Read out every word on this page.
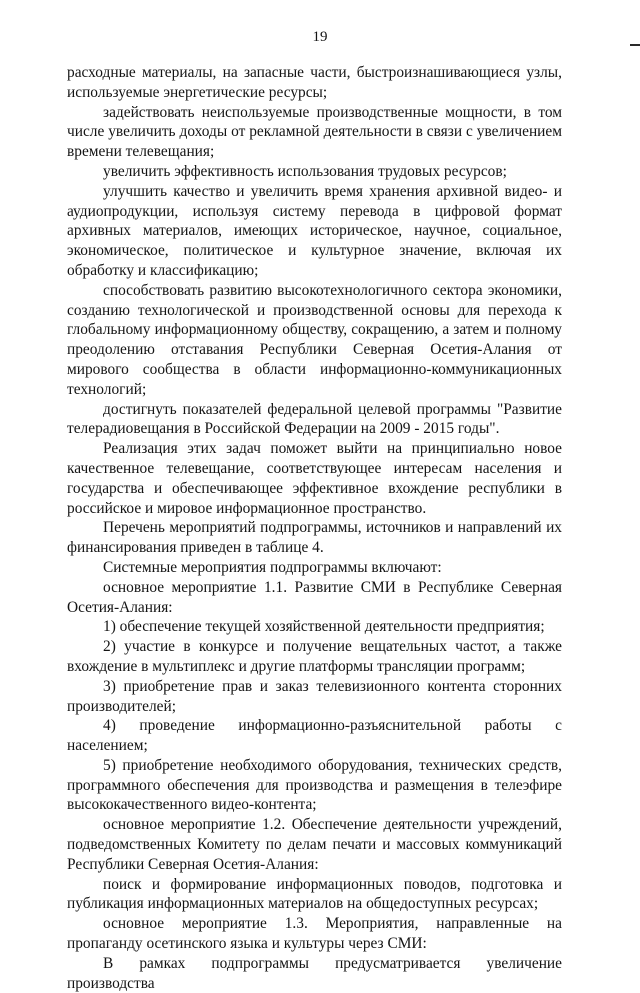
19

расходные материалы, на запасные части, быстроизнашивающиеся узлы, используемые энергетические ресурсы;

задействовать неиспользуемые производственные мощности, в том числе увеличить доходы от рекламной деятельности в связи с увеличением времени телевещания;

увеличить эффективность использования трудовых ресурсов;

улучшить качество и увеличить время хранения архивной видео- и аудиопродукции, используя систему перевода в цифровой формат архивных материалов, имеющих историческое, научное, социальное, экономическое, политическое и культурное значение, включая их обработку и классификацию;

способствовать развитию высокотехнологичного сектора экономики, созданию технологической и производственной основы для перехода к глобальному информационному обществу, сокращению, а затем и полному преодолению отставания Республики Северная Осетия-Алания от мирового сообщества в области информационно-коммуникационных технологий;

достигнуть показателей федеральной целевой программы "Развитие телерадиовещания в Российской Федерации на 2009 - 2015 годы".

Реализация этих задач поможет выйти на принципиально новое качественное телевещание, соответствующее интересам населения и государства и обеспечивающее эффективное вхождение республики в российское и мировое информационное пространство.

Перечень мероприятий подпрограммы, источников и направлений их финансирования приведен в таблице 4.

Системные мероприятия подпрограммы включают:

основное мероприятие 1.1. Развитие СМИ в Республике Северная Осетия-Алания:

1) обеспечение текущей хозяйственной деятельности предприятия;

2) участие в конкурсе и получение вещательных частот, а также вхождение в мультиплекс и другие платформы трансляции программ;

3) приобретение прав и заказ телевизионного контента сторонних производителей;

4) проведение информационно-разъяснительной работы с населением;

5) приобретение необходимого оборудования, технических средств, программного обеспечения для производства и размещения в телеэфире высококачественного видео-контента;

основное мероприятие 1.2. Обеспечение деятельности учреждений, подведомственных Комитету по делам печати и массовых коммуникаций Республики Северная Осетия-Алания:

поиск и формирование информационных поводов, подготовка и публикация информационных материалов на общедоступных ресурсах;

основное мероприятие 1.3. Мероприятия, направленные на пропаганду осетинского языка и культуры через СМИ:

В рамках подпрограммы предусматривается увеличение производства
